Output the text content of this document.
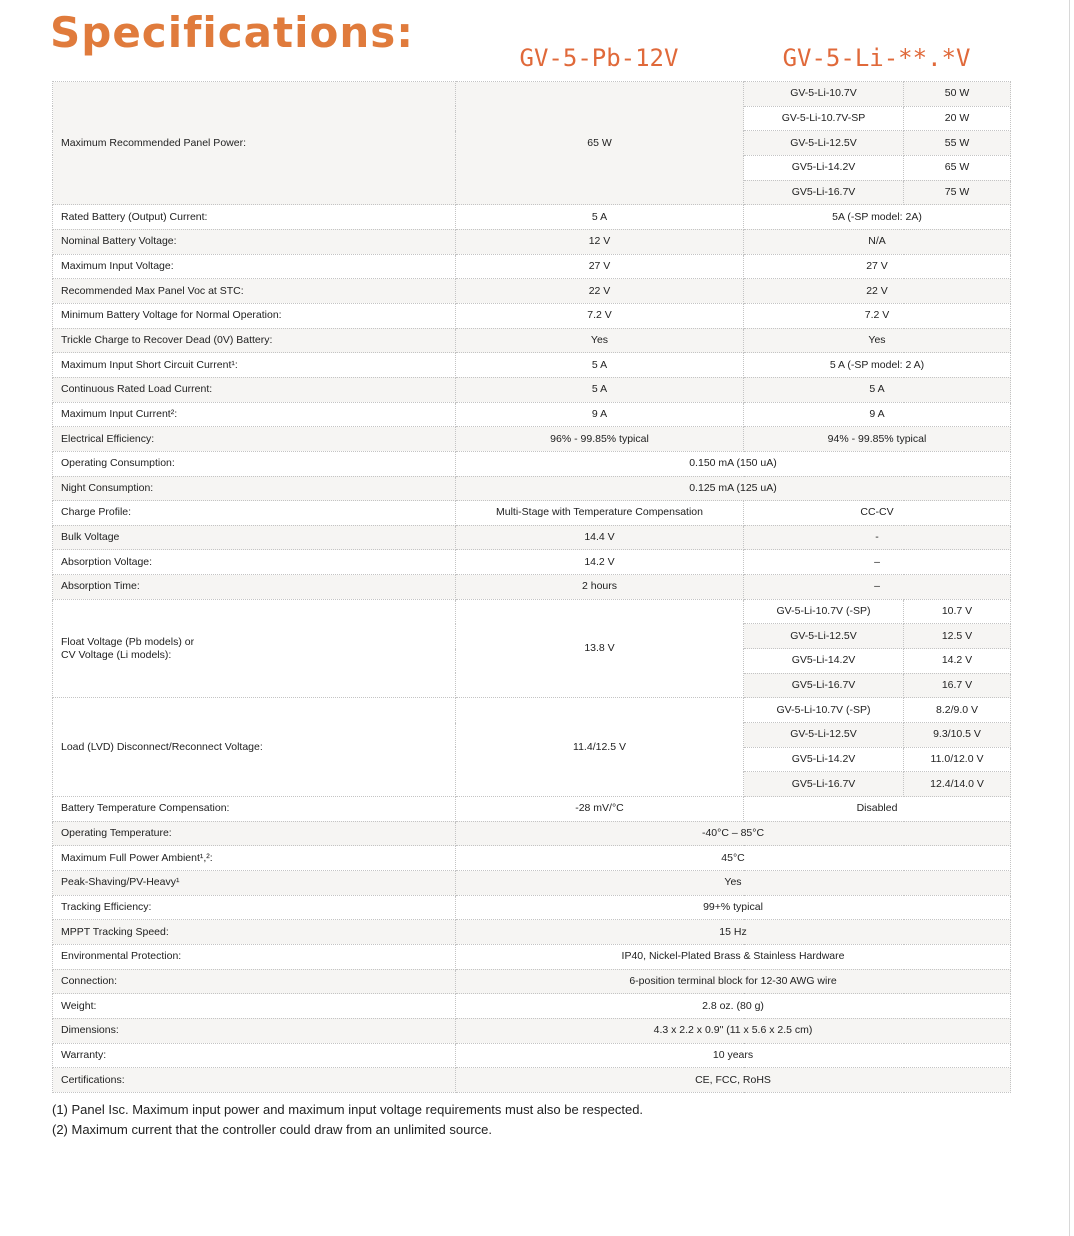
Specifications:
GV-5-Pb-12V	GV-5-Li-**.*V
Maximum Recommended Panel Power:	65 W	GV-5-Li-10.7V	50 W
		GV-5-Li-10.7V-SP	20 W
		GV-5-Li-12.5V	55 W
		GV5-Li-14.2V	65 W
		GV5-Li-16.7V	75 W
Rated Battery (Output) Current:	5 A	5A (-SP model: 2A)	
Nominal Battery Voltage:	12 V	N/A	
Maximum Input Voltage:	27 V	27 V	
Recommended Max Panel Voc at STC:	22 V	22 V	
Minimum Battery Voltage for Normal Operation:	7.2 V	7.2 V	
Trickle Charge to Recover Dead (0V) Battery:	Yes	Yes	
Maximum Input Short Circuit Current¹:	5 A	5 A (-SP model: 2 A)	
Continuous Rated Load Current:	5 A	5 A	
Maximum Input Current²:	9 A	9 A	
Electrical Efficiency:	96% - 99.85% typical	94% - 99.85% typical	
Operating Consumption:	0.150 mA (150 uA)		
Night Consumption:	0.125 mA (125 uA)		
Charge Profile:	Multi-Stage with Temperature Compensation	CC-CV	
Bulk Voltage	14.4 V	-	
Absorption Voltage:	14.2 V	–	
Absorption Time:	2 hours	–	
Float Voltage (Pb models) or
CV Voltage (Li models):	13.8 V	GV-5-Li-10.7V (-SP)	10.7 V
		GV-5-Li-12.5V	12.5 V
		GV5-Li-14.2V	14.2 V
		GV5-Li-16.7V	16.7 V
Load (LVD) Disconnect/Reconnect Voltage:	11.4/12.5 V	GV-5-Li-10.7V (-SP)	8.2/9.0 V
		GV-5-Li-12.5V	9.3/10.5 V
		GV5-Li-14.2V	11.0/12.0 V
		GV5-Li-16.7V	12.4/14.0 V
Battery Temperature Compensation:	-28 mV/°C	Disabled	
Operating Temperature:	-40°C – 85°C		
Maximum Full Power Ambient¹,²:	45°C		
Peak-Shaving/PV-Heavy¹	Yes		
Tracking Efficiency:	99+% typical		
MPPT Tracking Speed:	15 Hz		
Environmental Protection:	IP40, Nickel-Plated Brass & Stainless Hardware		
Connection:	6-position terminal block for 12-30 AWG wire		
Weight:	2.8 oz. (80 g)		
Dimensions:	4.3 x 2.2 x 0.9" (11 x 5.6 x 2.5 cm)		
Warranty:	10 years		
Certifications:	CE, FCC, RoHS		
(1) Panel Isc. Maximum input power and maximum input voltage requirements must also be respected.
(2) Maximum current that the controller could draw from an unlimited source.
